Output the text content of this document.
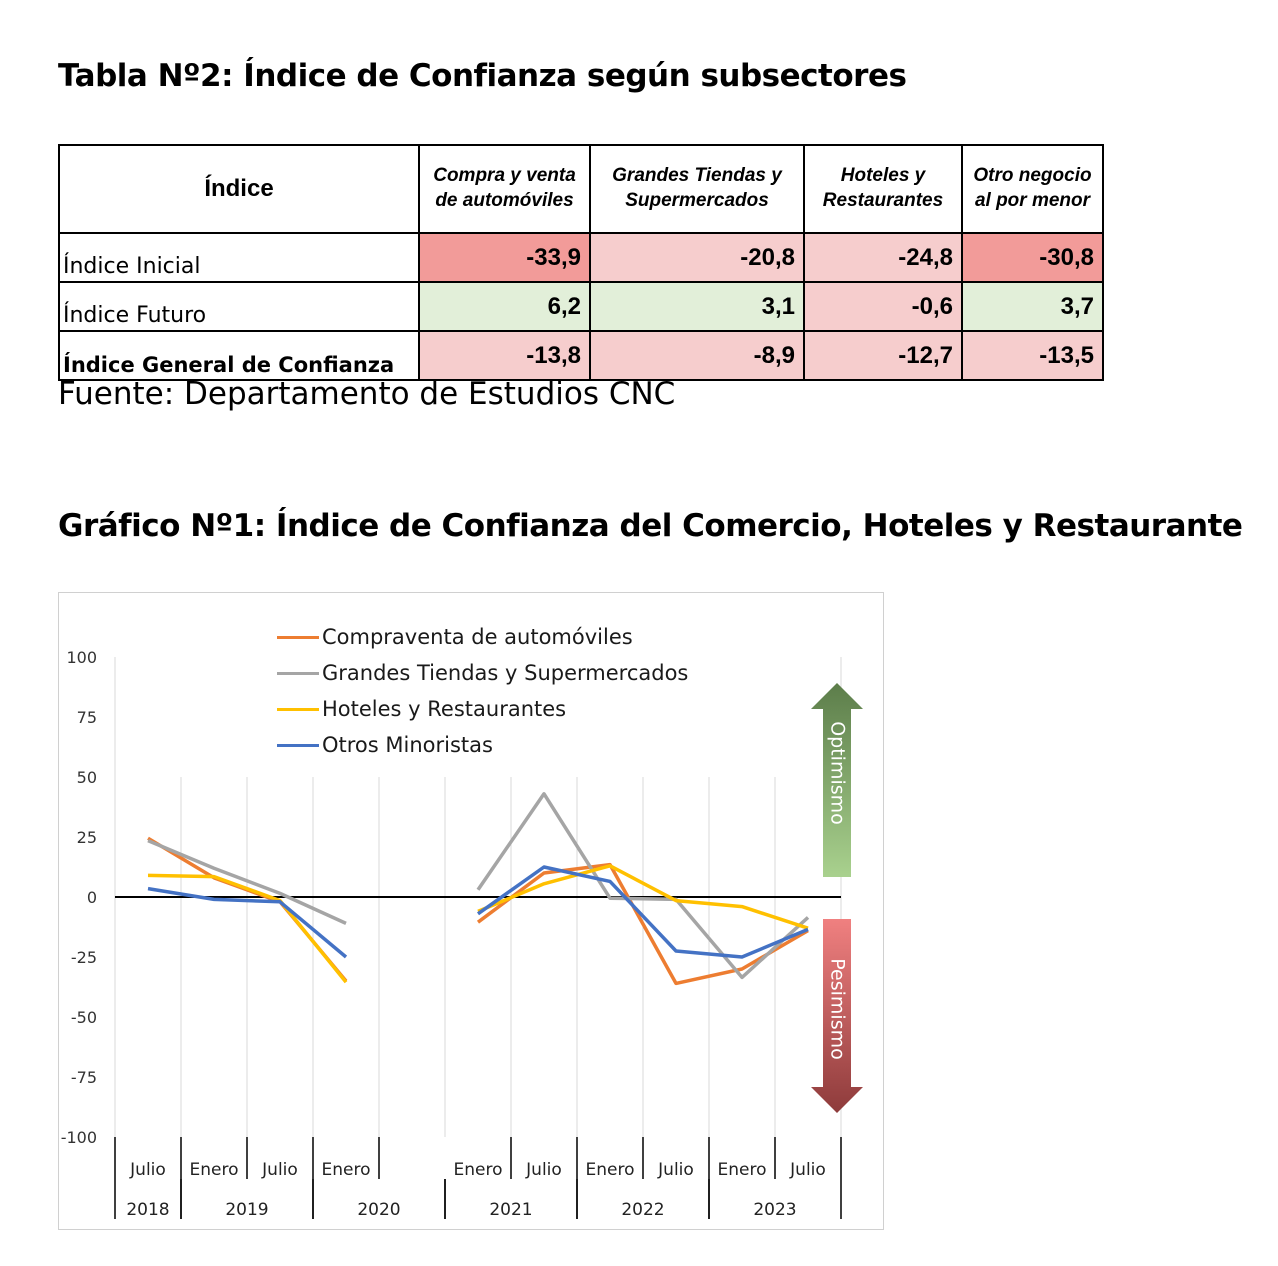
Tabla Nº2: Índice de Confianza según subsectores
Índice	Compra y venta de automóviles	Grandes Tiendas y Supermercados	Hoteles y Restaurantes	Otro negocio al por menor
Índice Inicial	-33,9	-20,8	-24,8	-30,8
Índice Futuro	6,2	3,1	-0,6	3,7
Índice General de Confianza	-13,8	-8,9	-12,7	-13,5
Fuente: Departamento de Estudios CNC
Gráfico Nº1: Índice de Confianza del Comercio, Hoteles y Restaurante
100
75
50
25
0
-25
-50
-75
-100
Julio Enero Julio Enero	Enero Julio Enero Julio Enero Julio
2018	2019	2020	2021	2022	2023
Optimismo
Pesimismo
Compraventa de automóviles
Grandes Tiendas y Supermercados
Hoteles y Restaurantes
Otros Minoristas
